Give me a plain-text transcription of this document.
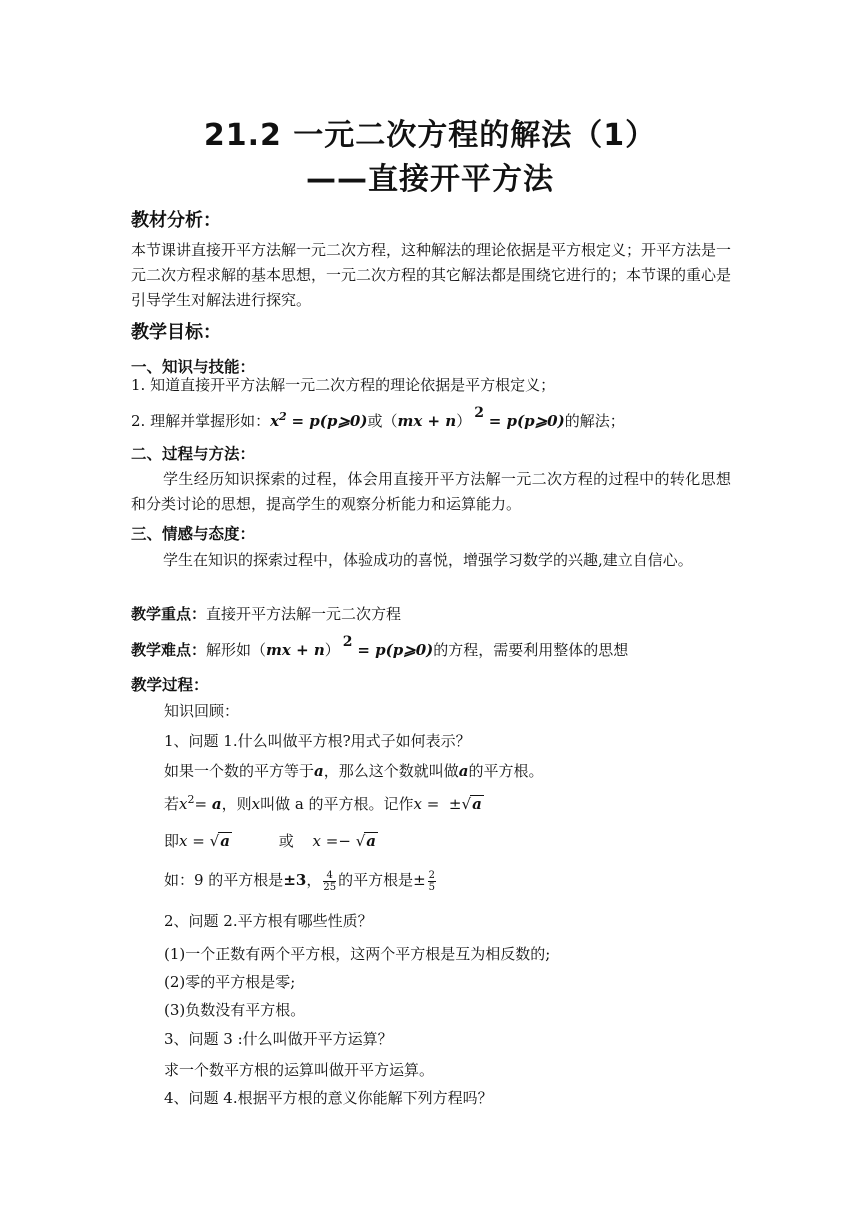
21.2 一元二次方程的解法（1）
——直接开平方法
教材分析：
本节课讲直接开平方法解一元二次方程，这种解法的理论依据是平方根定义；开平方法是一元二次方程求解的基本思想，一元二次方程的其它解法都是围绕它进行的；本节课的重心是引导学生对解法进行探究。
教学目标：
一、知识与技能：
1. 知道直接开平方法解一元二次方程的理论依据是平方根定义；
2. 理解并掌握形如：$x^2$ = p(p⩾0)或（mx + n） $^2$ = p(p⩾0)的解法；
二、过程与方法：
学生经历知识探索的过程，体会用直接开平方法解一元二次方程的过程中的转化思想和分类讨论的思想，提高学生的观察分析能力和运算能力。
三、情感与态度：
学生在知识的探索过程中，体验成功的喜悦，增强学习数学的兴趣,建立自信心。
教学重点：直接开平方法解一元二次方程
教学难点：解形如（mx + n） $^2$ = p(p⩾0)的方程，需要利用整体的思想
教学过程：
知识回顾：
1、问题 1.什么叫做平方根?用式子如何表示？
如果一个数的平方等于a，那么这个数就叫做a的平方根。
若$x^2= a$，则x叫做 a 的平方根。记作x = ±√a
即x = √a	或 x =− √a
如：9 的平方根是±3， $\frac{4}{25}$ 的平方根是± $\frac{2}{5}$
2、问题 2.平方根有哪些性质？
(1)一个正数有两个平方根，这两个平方根是互为相反数的;
(2)零的平方根是零;
(3)负数没有平方根。
3、问题 3 :什么叫做开平方运算？
求一个数平方根的运算叫做开平方运算。
4、问题 4.根据平方根的意义你能解下列方程吗？
